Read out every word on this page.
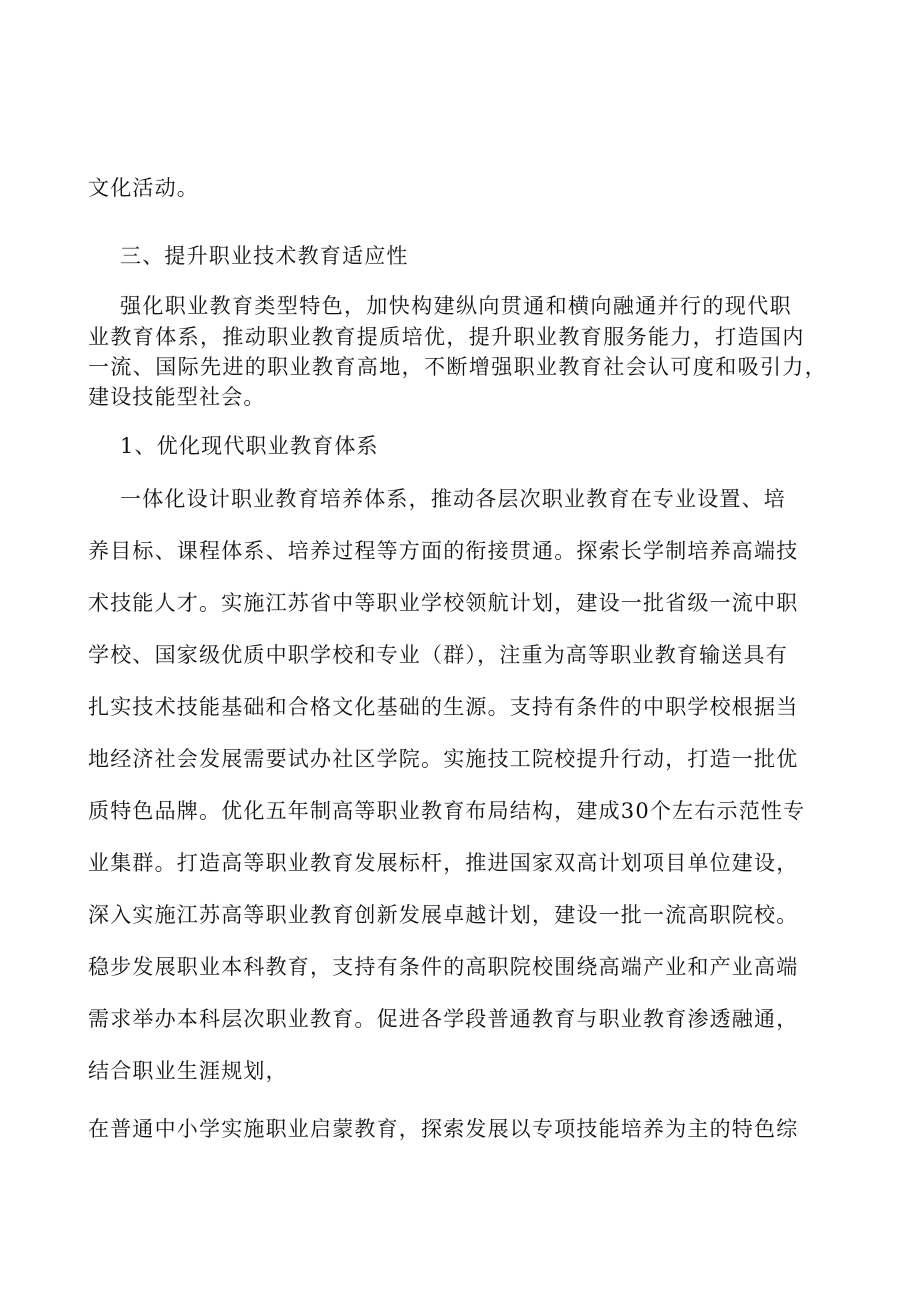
文化活动。
三、提升职业技术教育适应性
强化职业教育类型特色，加快构建纵向贯通和横向融通并行的现代职
业教育体系，推动职业教育提质培优，提升职业教育服务能力，打造国内
一流、国际先进的职业教育高地，不断增强职业教育社会认可度和吸引力，
建设技能型社会。
1、优化现代职业教育体系
一体化设计职业教育培养体系，推动各层次职业教育在专业设置、培
养目标、课程体系、培养过程等方面的衔接贯通。探索长学制培养高端技
术技能人才。实施江苏省中等职业学校领航计划，建设一批省级一流中职
学校、国家级优质中职学校和专业（群），注重为高等职业教育输送具有
扎实技术技能基础和合格文化基础的生源。支持有条件的中职学校根据当
地经济社会发展需要试办社区学院。实施技工院校提升行动，打造一批优
质特色品牌。优化五年制高等职业教育布局结构，建成30个左右示范性专
业集群。打造高等职业教育发展标杆，推进国家双高计划项目单位建设，
深入实施江苏高等职业教育创新发展卓越计划，建设一批一流高职院校。
稳步发展职业本科教育，支持有条件的高职院校围绕高端产业和产业高端
需求举办本科层次职业教育。促进各学段普通教育与职业教育渗透融通，
结合职业生涯规划，
在普通中小学实施职业启蒙教育，探索发展以专项技能培养为主的特色综
